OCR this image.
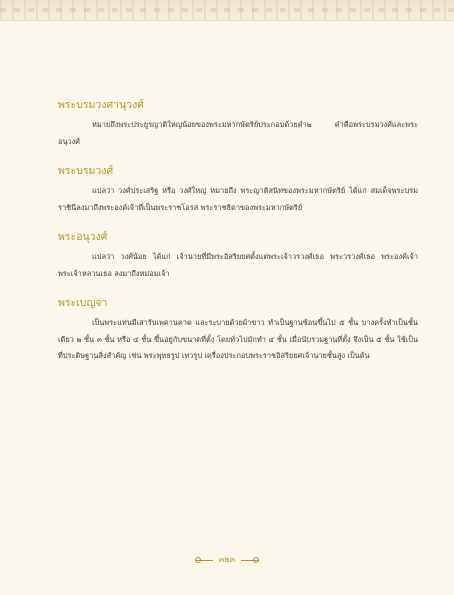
พระบรมวงศานุวงศ์

หมายถึงพระประยูรญาติใหญ่น้อยของพระมหากษัตริย์ประกอบด้วยคำ๒ คำคือพระบรมวงศ์และพระอนุวงศ์

พระบรมวงศ์

แปลว่า วงศ์ประเสริฐ หรือ วงศ์ใหญ่ หมายถึง พระญาติสนิทของพระมหากษัตริย์ ได้แก่ สมเด็จพระบรมราชินีลงมาถึงพระองค์เจ้าที่เป็นพระราชโอรส พระราชธิดาของพระมหากษัตริย์

พระอนุวงศ์

แปลว่า วงศ์น้อย ได้แก่ เจ้านายที่มีพระอิสริยยศตั้งแต่พระเจ้าวรวงศ์เธอ พระวรวงศ์เธอ พระองค์เจ้า พระเจ้าหลานเธอ ลงมาถึงหม่อมเจ้า

พระเบญจา

เป็นพระแท่นมีเสารับเพดานคาด และระบายด้วยผ้าขาว ทำเป็นฐานซ้อนขึ้นไป ๕ ชั้น บางครั้งทำเป็นชั้นเดียว ๒ ชั้น ๓ ชั้น หรือ ๔ ชั้น ขึ้นอยู่กับขนาดที่ตั้ง โดยทั่วไปมักทำ ๔ ชั้น เมื่อนับรวมฐานที่ตั้ง จึงเป็น ๕ ชั้น ใช้เป็นที่ประดิษฐานสิ่งสำคัญ เช่น พระพุทธรูป เทวรูป เครื่องประกอบพระราชอิสริยยศเจ้านายชั้นสูง เป็นต้น

๓๒๓
